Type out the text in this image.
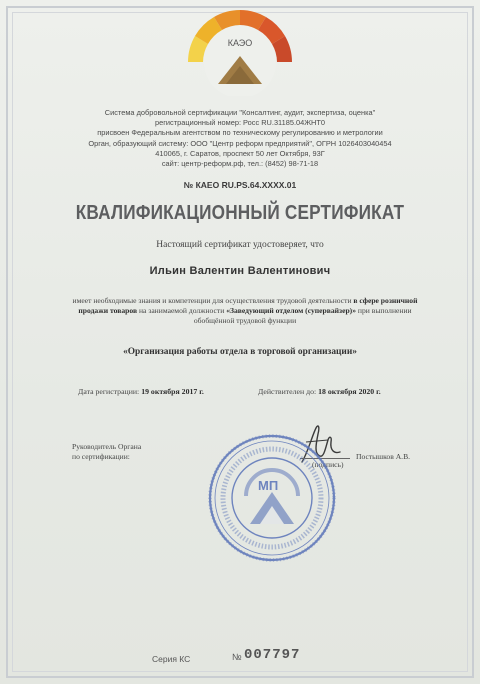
КАЭО
Система добровольной сертификации "Консалтинг, аудит, экспертиза, оценка"
регистрационный номер: Росс RU.31185.04ЖНТ0
присвоен Федеральным агентством по техническому регулированию и метрологии
Орган, образующий систему: ООО "Центр реформ предприятий", ОГРН 1026403040454
410065, г. Саратов, проспект 50 лет Октября, 93Г
сайт: центр-реформ.рф, тел.: (8452) 98-71-18
№ КАЕО RU.PS.64.XXXX.01
КВАЛИФИКАЦИОННЫЙ СЕРТИФИКАТ
Настоящий сертификат удостоверяет, что
Ильин Валентин Валентинович
имеет необходимые знания и компетенции для осуществления трудовой деятельности в сфере розничной продажи товаров на занимаемой должности «Заведующий отделом (супервайзер)» при выполнении обобщённой трудовой функции
«Организация работы отдела в торговой организации»
Дата регистрации: 19 октября 2017 г.	Действителен до: 18 октября 2020 г.
Руководитель Органа
по сертификации:
(подпись)
Постышков А.В.
МП
Серия КС	№ 007797
